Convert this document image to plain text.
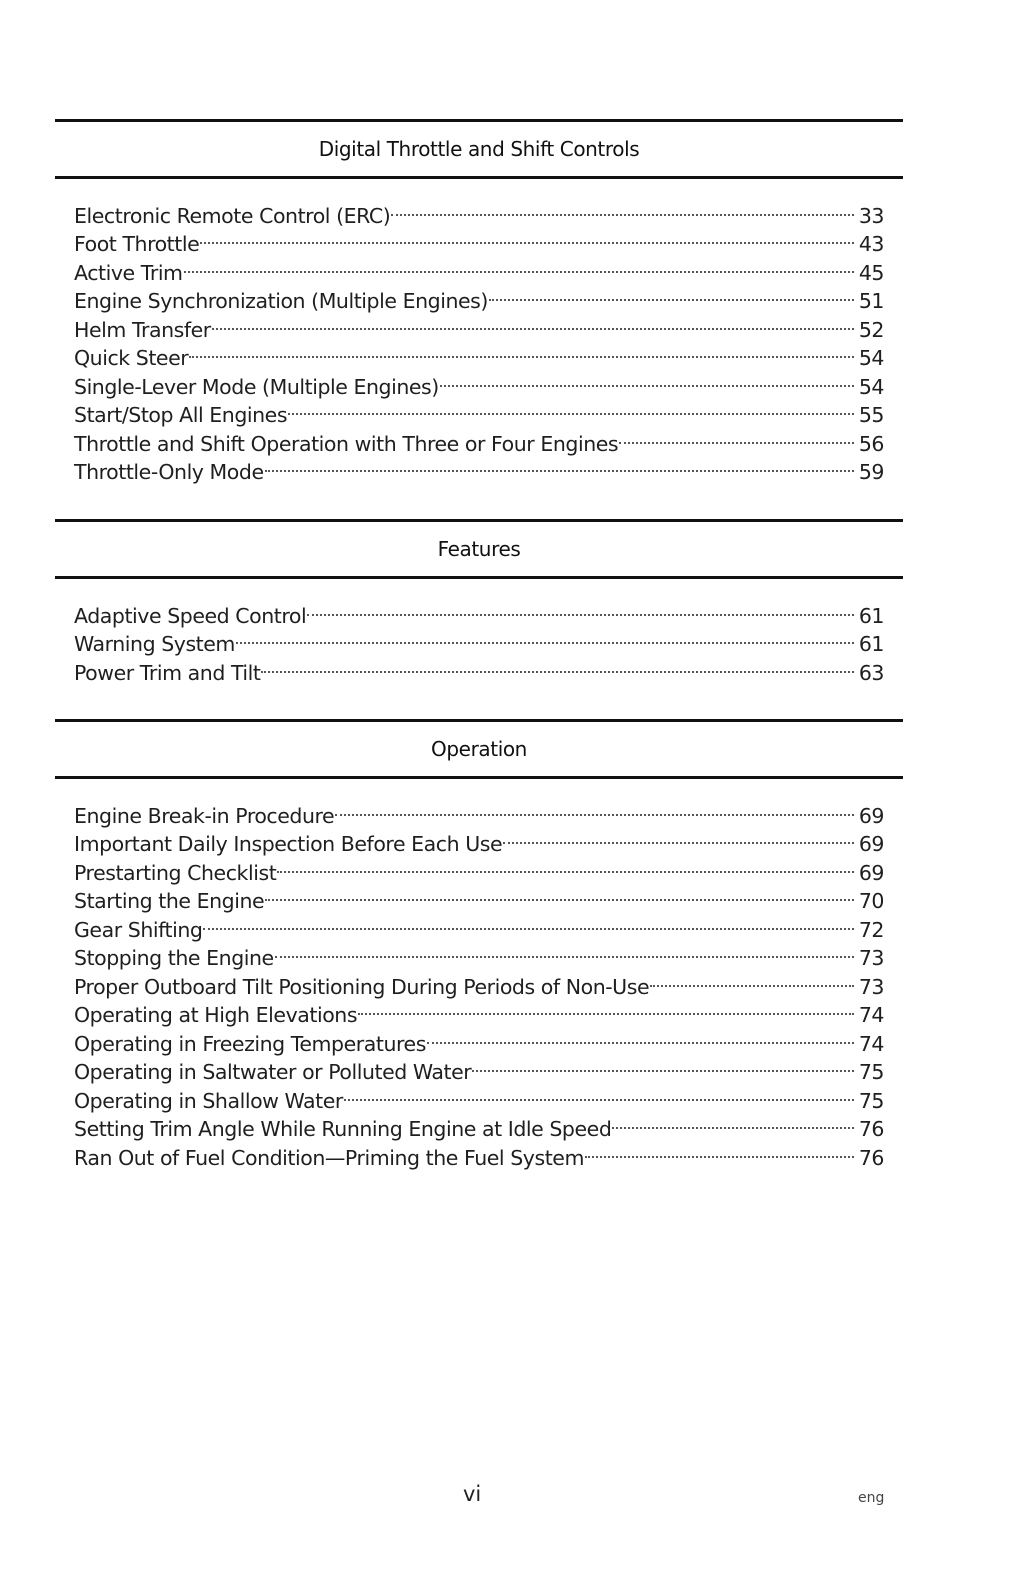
Digital Throttle and Shift Controls
Electronic Remote Control (ERC)	33
Foot Throttle	43
Active Trim	45
Engine Synchronization (Multiple Engines)	51
Helm Transfer	52
Quick Steer	54
Single-Lever Mode (Multiple Engines)	54
Start/Stop All Engines	55
Throttle and Shift Operation with Three or Four Engines	56
Throttle-Only Mode	59
Features
Adaptive Speed Control	61
Warning System	61
Power Trim and Tilt	63
Operation
Engine Break-in Procedure	69
Important Daily Inspection Before Each Use	69
Prestarting Checklist	69
Starting the Engine	70
Gear Shifting	72
Stopping the Engine	73
Proper Outboard Tilt Positioning During Periods of Non-Use	73
Operating at High Elevations	74
Operating in Freezing Temperatures	74
Operating in Saltwater or Polluted Water	75
Operating in Shallow Water	75
Setting Trim Angle While Running Engine at Idle Speed	76
Ran Out of Fuel Condition—Priming the Fuel System	76
vi	eng
